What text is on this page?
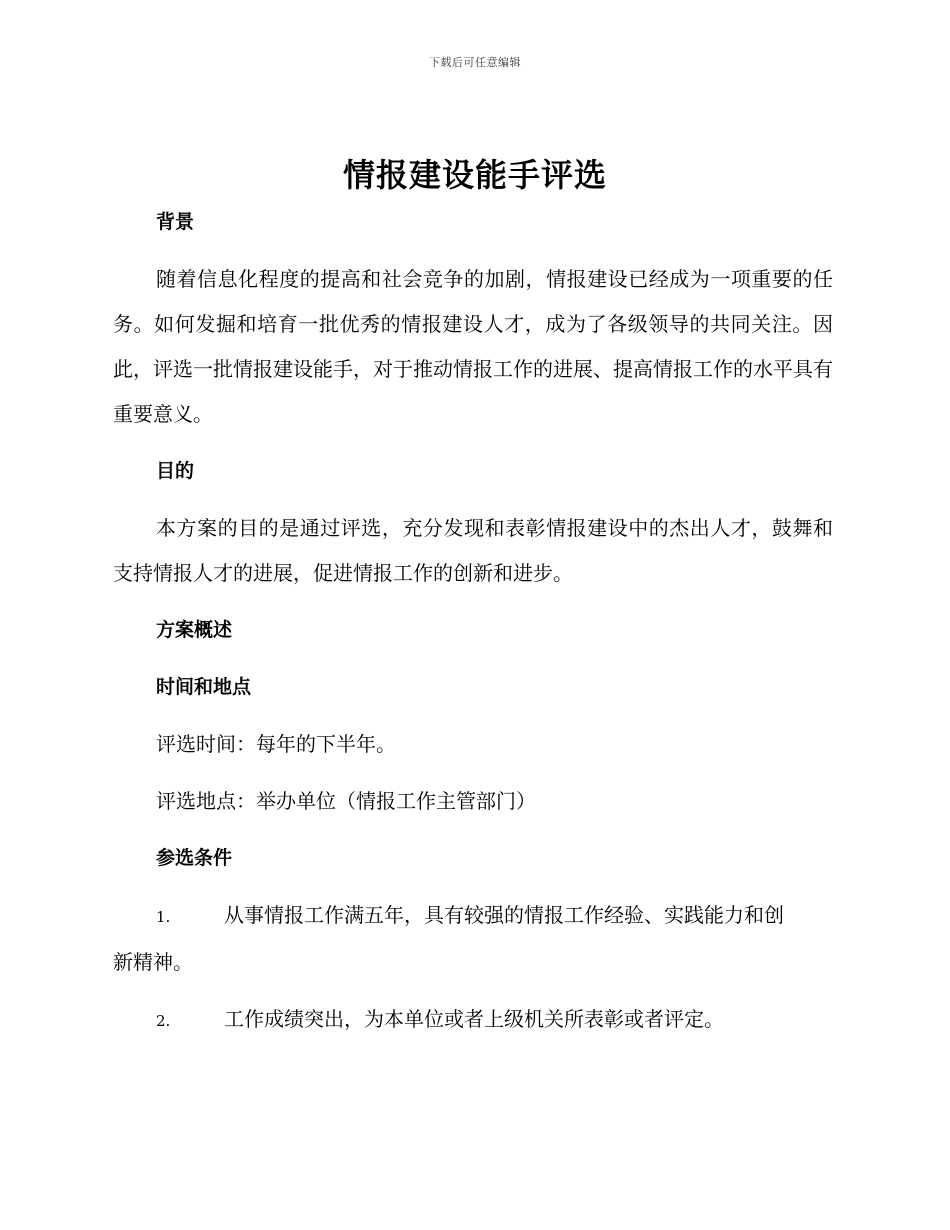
下载后可任意编辑
情报建设能手评选

背景

随着信息化程度的提高和社会竞争的加剧，情报建设已经成为一项重要的任务。如何发掘和培育一批优秀的情报建设人才，成为了各级领导的共同关注。因此，评选一批情报建设能手，对于推动情报工作的进展、提高情报工作的水平具有重要意义。

目的

本方案的目的是通过评选，充分发现和表彰情报建设中的杰出人才，鼓舞和支持情报人才的进展，促进情报工作的创新和进步。

方案概述

时间和地点

评选时间：每年的下半年。

评选地点：举办单位（情报工作主管部门）

参选条件

1.	从事情报工作满五年，具有较强的情报工作经验、实践能力和创
新精神。
2.	工作成绩突出，为本单位或者上级机关所表彰或者评定。
